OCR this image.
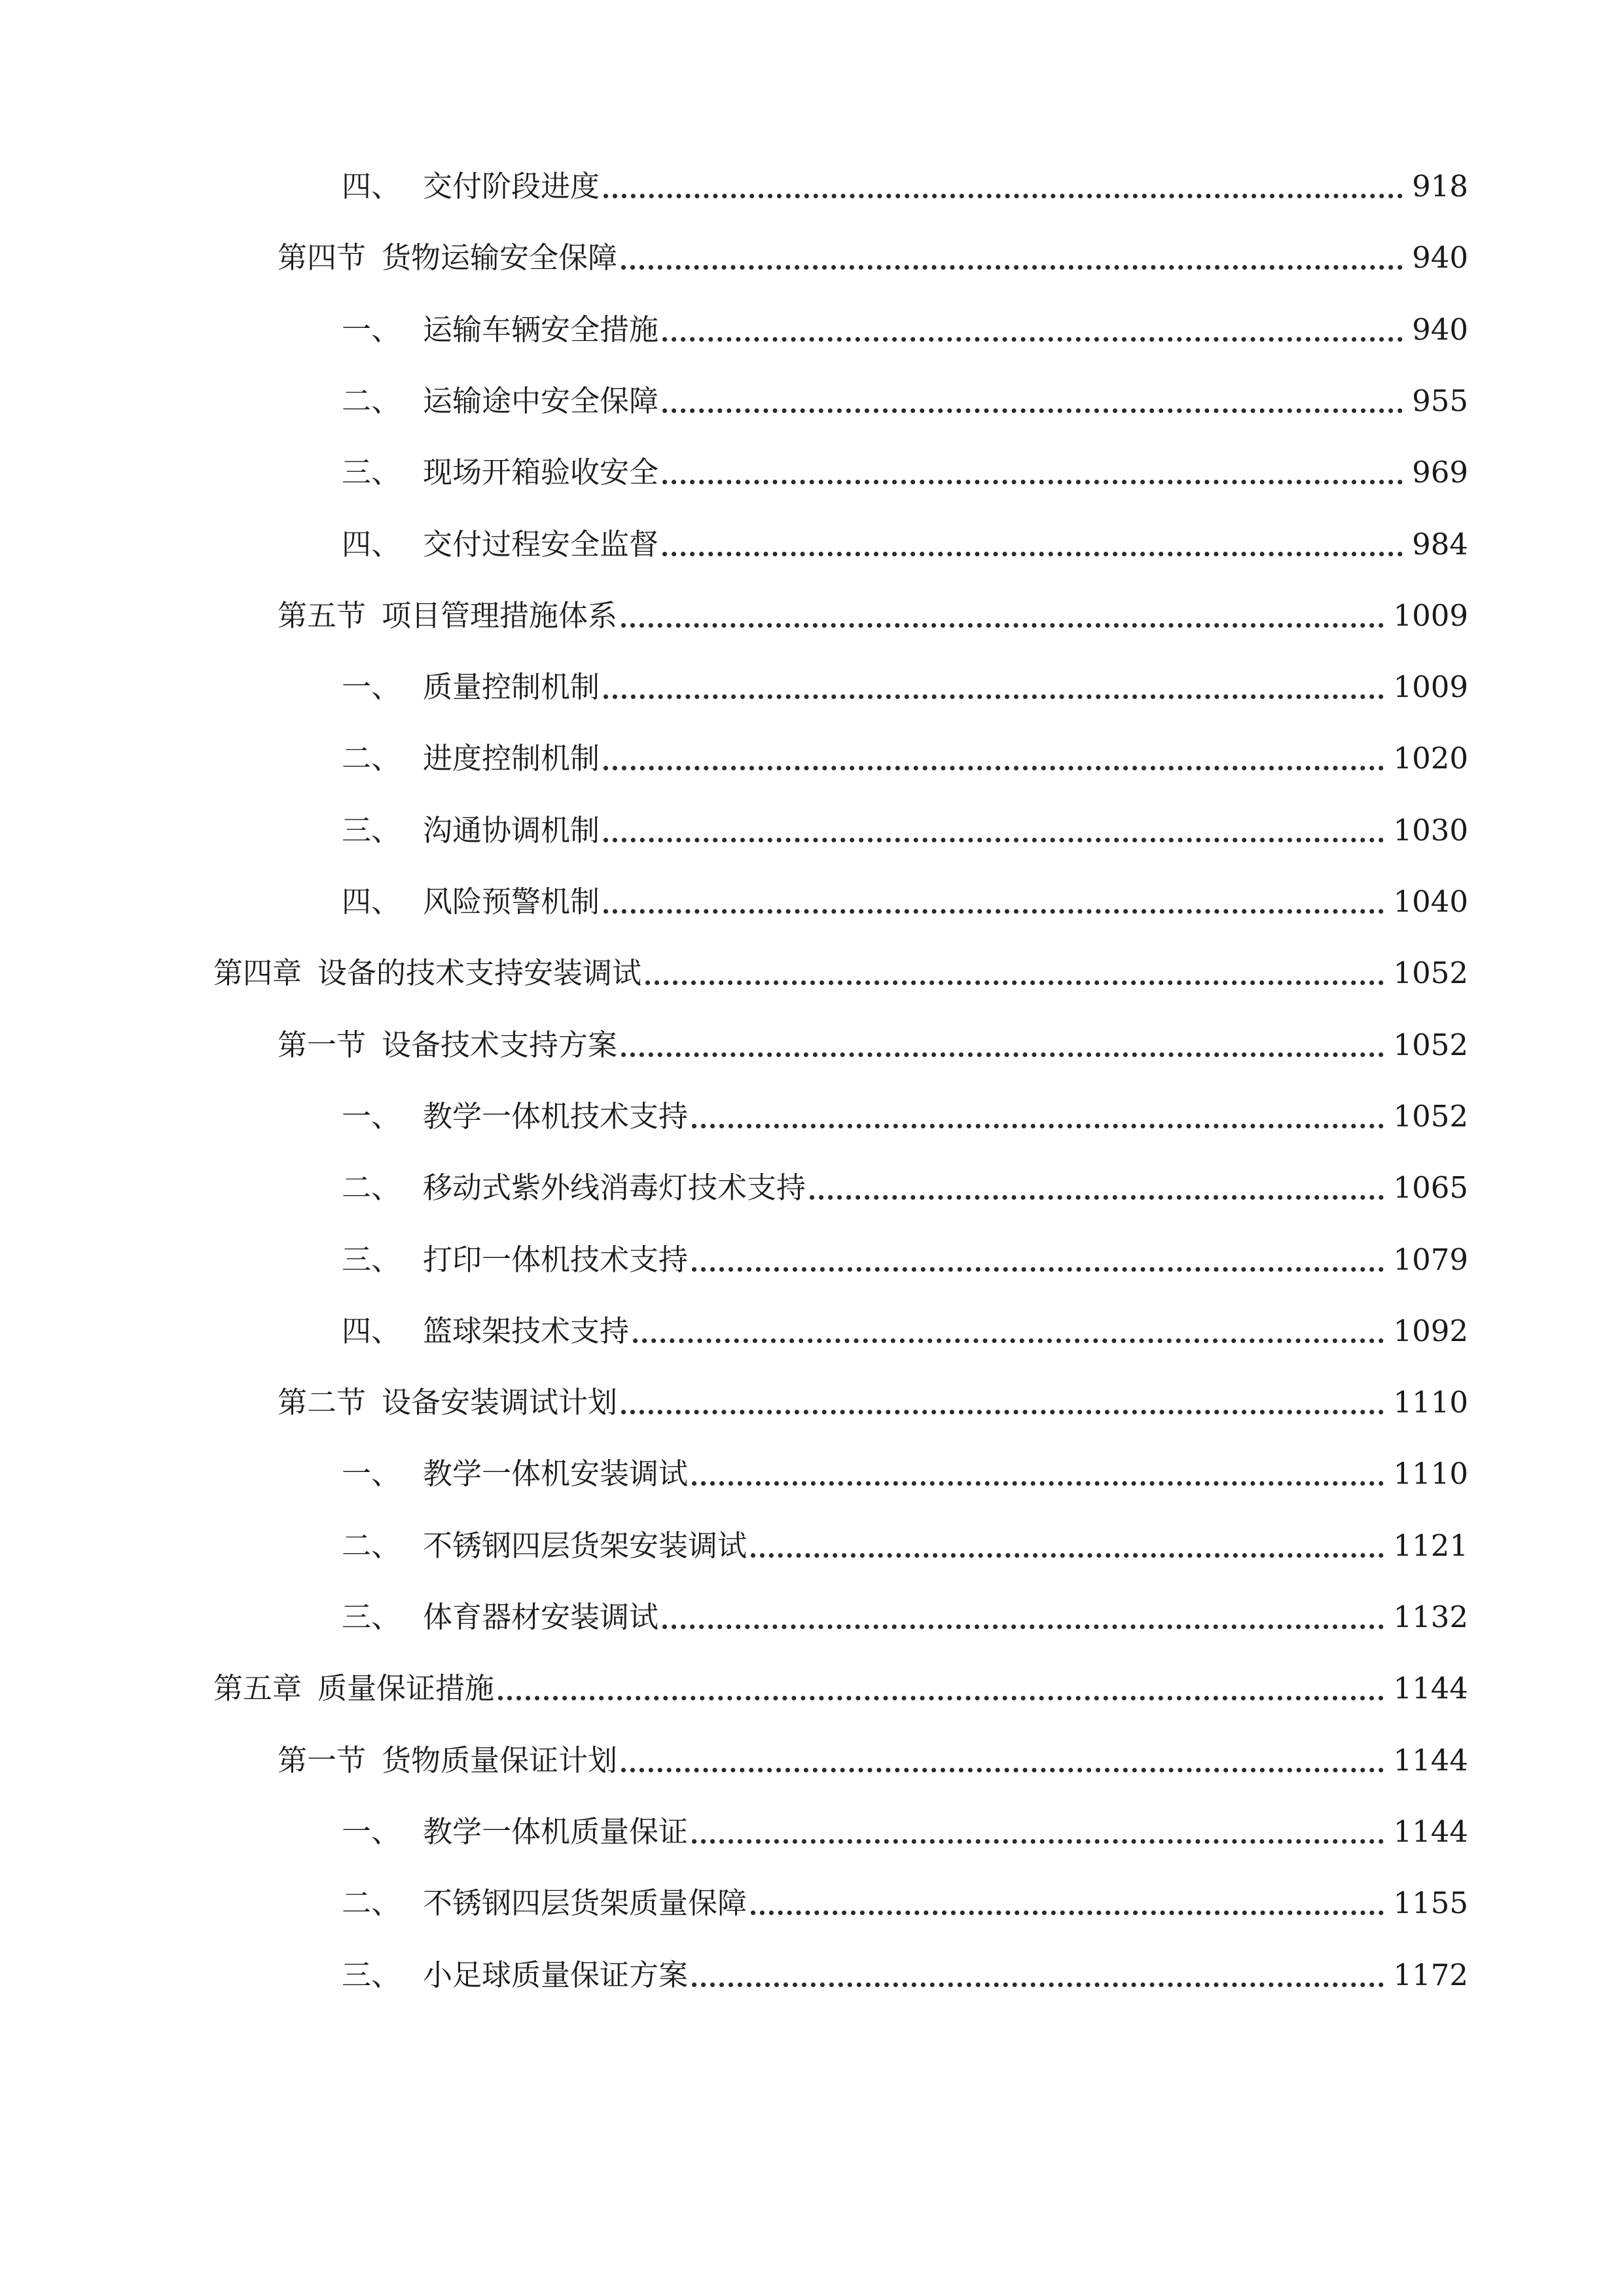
四、 交付阶段进度	918
第四节 货物运输安全保障	940
一、 运输车辆安全措施	940
二、 运输途中安全保障	955
三、 现场开箱验收安全	969
四、 交付过程安全监督	984
第五节 项目管理措施体系	1009
一、 质量控制机制	1009
二、 进度控制机制	1020
三、 沟通协调机制	1030
四、 风险预警机制	1040
第四章 设备的技术支持安装调试	1052
第一节 设备技术支持方案	1052
一、 教学一体机技术支持	1052
二、 移动式紫外线消毒灯技术支持	1065
三、 打印一体机技术支持	1079
四、 篮球架技术支持	1092
第二节 设备安装调试计划	1110
一、 教学一体机安装调试	1110
二、 不锈钢四层货架安装调试	1121
三、 体育器材安装调试	1132
第五章 质量保证措施	1144
第一节 货物质量保证计划	1144
一、 教学一体机质量保证	1144
二、 不锈钢四层货架质量保障	1155
三、 小足球质量保证方案	1172
